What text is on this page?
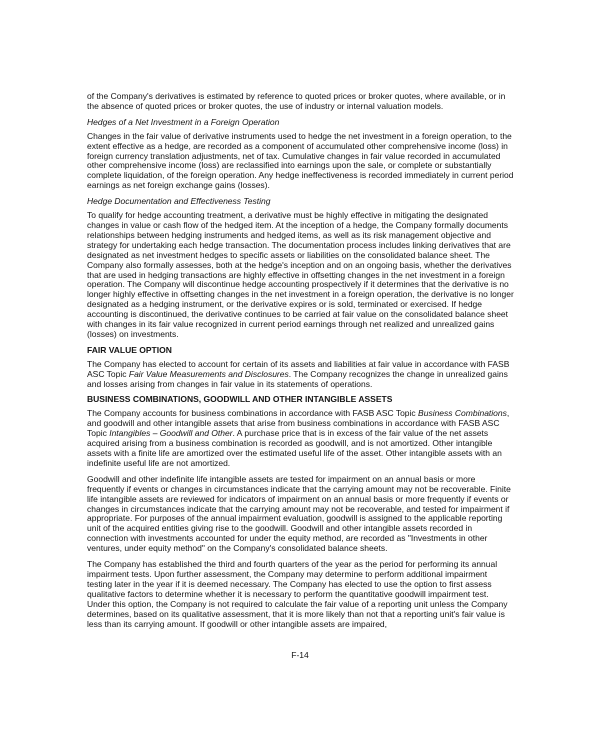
of the Company's derivatives is estimated by reference to quoted prices or broker quotes, where available, or in the absence of quoted prices or broker quotes, the use of industry or internal valuation models.
Hedges of a Net Investment in a Foreign Operation
Changes in the fair value of derivative instruments used to hedge the net investment in a foreign operation, to the extent effective as a hedge, are recorded as a component of accumulated other comprehensive income (loss) in foreign currency translation adjustments, net of tax. Cumulative changes in fair value recorded in accumulated other comprehensive income (loss) are reclassified into earnings upon the sale, or complete or substantially complete liquidation, of the foreign operation. Any hedge ineffectiveness is recorded immediately in current period earnings as net foreign exchange gains (losses).
Hedge Documentation and Effectiveness Testing
To qualify for hedge accounting treatment, a derivative must be highly effective in mitigating the designated changes in value or cash flow of the hedged item. At the inception of a hedge, the Company formally documents relationships between hedging instruments and hedged items, as well as its risk management objective and strategy for undertaking each hedge transaction. The documentation process includes linking derivatives that are designated as net investment hedges to specific assets or liabilities on the consolidated balance sheet. The Company also formally assesses, both at the hedge's inception and on an ongoing basis, whether the derivatives that are used in hedging transactions are highly effective in offsetting changes in the net investment in a foreign operation. The Company will discontinue hedge accounting prospectively if it determines that the derivative is no longer highly effective in offsetting changes in the net investment in a foreign operation, the derivative is no longer designated as a hedging instrument, or the derivative expires or is sold, terminated or exercised. If hedge accounting is discontinued, the derivative continues to be carried at fair value on the consolidated balance sheet with changes in its fair value recognized in current period earnings through net realized and unrealized gains (losses) on investments.
FAIR VALUE OPTION
The Company has elected to account for certain of its assets and liabilities at fair value in accordance with FASB ASC Topic Fair Value Measurements and Disclosures. The Company recognizes the change in unrealized gains and losses arising from changes in fair value in its statements of operations.
BUSINESS COMBINATIONS, GOODWILL AND OTHER INTANGIBLE ASSETS
The Company accounts for business combinations in accordance with FASB ASC Topic Business Combinations, and goodwill and other intangible assets that arise from business combinations in accordance with FASB ASC Topic Intangibles – Goodwill and Other. A purchase price that is in excess of the fair value of the net assets acquired arising from a business combination is recorded as goodwill, and is not amortized. Other intangible assets with a finite life are amortized over the estimated useful life of the asset. Other intangible assets with an indefinite useful life are not amortized.
Goodwill and other indefinite life intangible assets are tested for impairment on an annual basis or more frequently if events or changes in circumstances indicate that the carrying amount may not be recoverable. Finite life intangible assets are reviewed for indicators of impairment on an annual basis or more frequently if events or changes in circumstances indicate that the carrying amount may not be recoverable, and tested for impairment if appropriate. For purposes of the annual impairment evaluation, goodwill is assigned to the applicable reporting unit of the acquired entities giving rise to the goodwill. Goodwill and other intangible assets recorded in connection with investments accounted for under the equity method, are recorded as "Investments in other ventures, under equity method" on the Company's consolidated balance sheets.
The Company has established the third and fourth quarters of the year as the period for performing its annual impairment tests. Upon further assessment, the Company may determine to perform additional impairment testing later in the year if it is deemed necessary. The Company has elected to use the option to first assess qualitative factors to determine whether it is necessary to perform the quantitative goodwill impairment test. Under this option, the Company is not required to calculate the fair value of a reporting unit unless the Company determines, based on its qualitative assessment, that it is more likely than not that a reporting unit's fair value is less than its carrying amount. If goodwill or other intangible assets are impaired,
F-14
